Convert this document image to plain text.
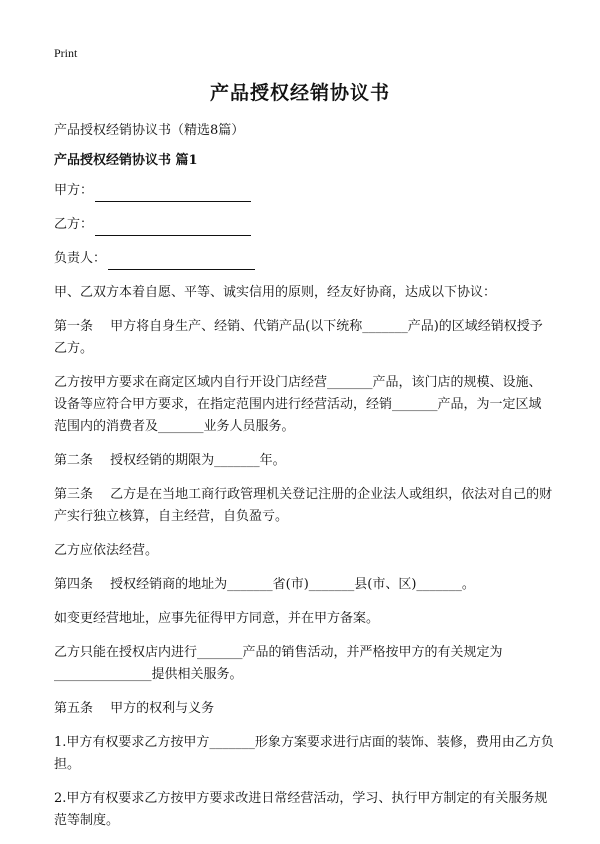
Print
产品授权经销协议书

产品授权经销协议书（精选8篇）

产品授权经销协议书 篇1

甲方：
乙方：
负责人：

甲、乙双方本着自愿、平等、诚实信用的原则，经友好协商，达成以下协议：

第一条　 甲方将自身生产、经销、代销产品(以下统称_______产品)的区域经销权授予乙方。

乙方按甲方要求在商定区域内自行开设门店经营_______产品，该门店的规模、设施、设备等应符合甲方要求，在指定范围内进行经营活动，经销_______产品，为一定区域范围内的消费者及_______业务人员服务。

第二条　 授权经销的期限为_______年。

第三条　 乙方是在当地工商行政管理机关登记注册的企业法人或组织，依法对自己的财产实行独立核算，自主经营，自负盈亏。

乙方应依法经营。

第四条　 授权经销商的地址为_______省(市)_______县(市、区)_______。

如变更经营地址，应事先征得甲方同意，并在甲方备案。

乙方只能在授权店内进行_______产品的销售活动，并严格按甲方的有关规定为_______________提供相关服务。

第五条　 甲方的权利与义务

1.甲方有权要求乙方按甲方_______形象方案要求进行店面的装饰、装修，费用由乙方负担。

2.甲方有权要求乙方按甲方要求改进日常经营活动，学习、执行甲方制定的有关服务规范等制度。
